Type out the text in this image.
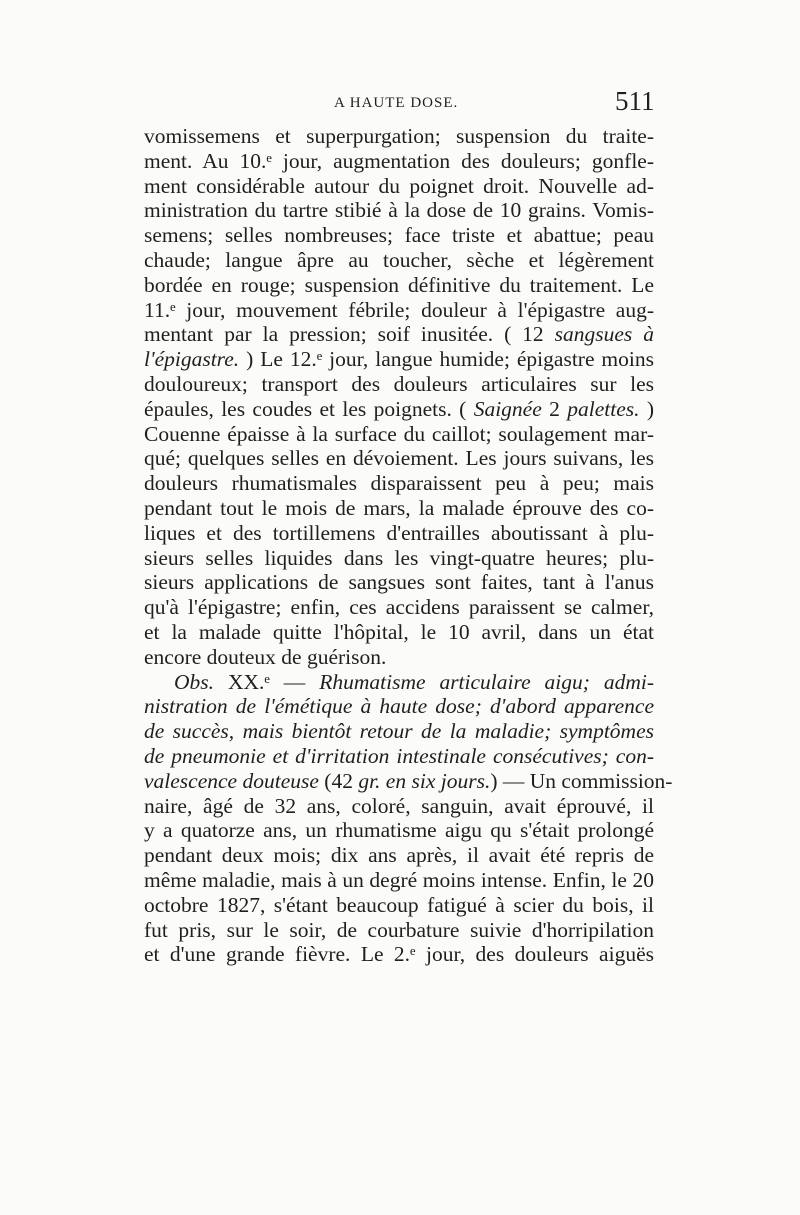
A HAUTE DOSE.	511
vomissemens et superpurgation; suspension du traite-
ment. Au 10.ᵉ jour, augmentation des douleurs; gonfle-
ment considérable autour du poignet droit. Nouvelle ad-
ministration du tartre stibié à la dose de 10 grains. Vomis-
semens; selles nombreuses; face triste et abattue; peau
chaude; langue âpre au toucher, sèche et légèrement
bordée en rouge; suspension définitive du traitement. Le
11.ᵉ jour, mouvement fébrile; douleur à l'épigastre aug-
mentant par la pression; soif inusitée. ( 12 sangsues à
l'épigastre. ) Le 12.ᵉ jour, langue humide; épigastre moins
douloureux; transport des douleurs articulaires sur les
épaules, les coudes et les poignets. ( Saignée 2 palettes. )
Couenne épaisse à la surface du caillot; soulagement mar-
qué; quelques selles en dévoiement. Les jours suivans, les
douleurs rhumatismales disparaissent peu à peu; mais
pendant tout le mois de mars, la malade éprouve des co-
liques et des tortillemens d'entrailles aboutissant à plu-
sieurs selles liquides dans les vingt-quatre heures; plu-
sieurs applications de sangsues sont faites, tant à l'anus
qu'à l'épigastre; enfin, ces accidens paraissent se calmer,
et la malade quitte l'hôpital, le 10 avril, dans un état
encore douteux de guérison.
Obs. XX.ᵉ — Rhumatisme articulaire aigu; admi-
nistration de l'émétique à haute dose; d'abord apparence
de succès, mais bientôt retour de la maladie; symptômes
de pneumonie et d'irritation intestinale consécutives; con-
valescence douteuse (42 gr. en six jours.) — Un commission-
naire, âgé de 32 ans, coloré, sanguin, avait éprouvé, il
y a quatorze ans, un rhumatisme aigu qu s'était prolongé
pendant deux mois; dix ans après, il avait été repris de
même maladie, mais à un degré moins intense. Enfin, le 20
octobre 1827, s'étant beaucoup fatigué à scier du bois, il
fut pris, sur le soir, de courbature suivie d'horripilation
et d'une grande fièvre. Le 2.ᵉ jour, des douleurs aiguës
